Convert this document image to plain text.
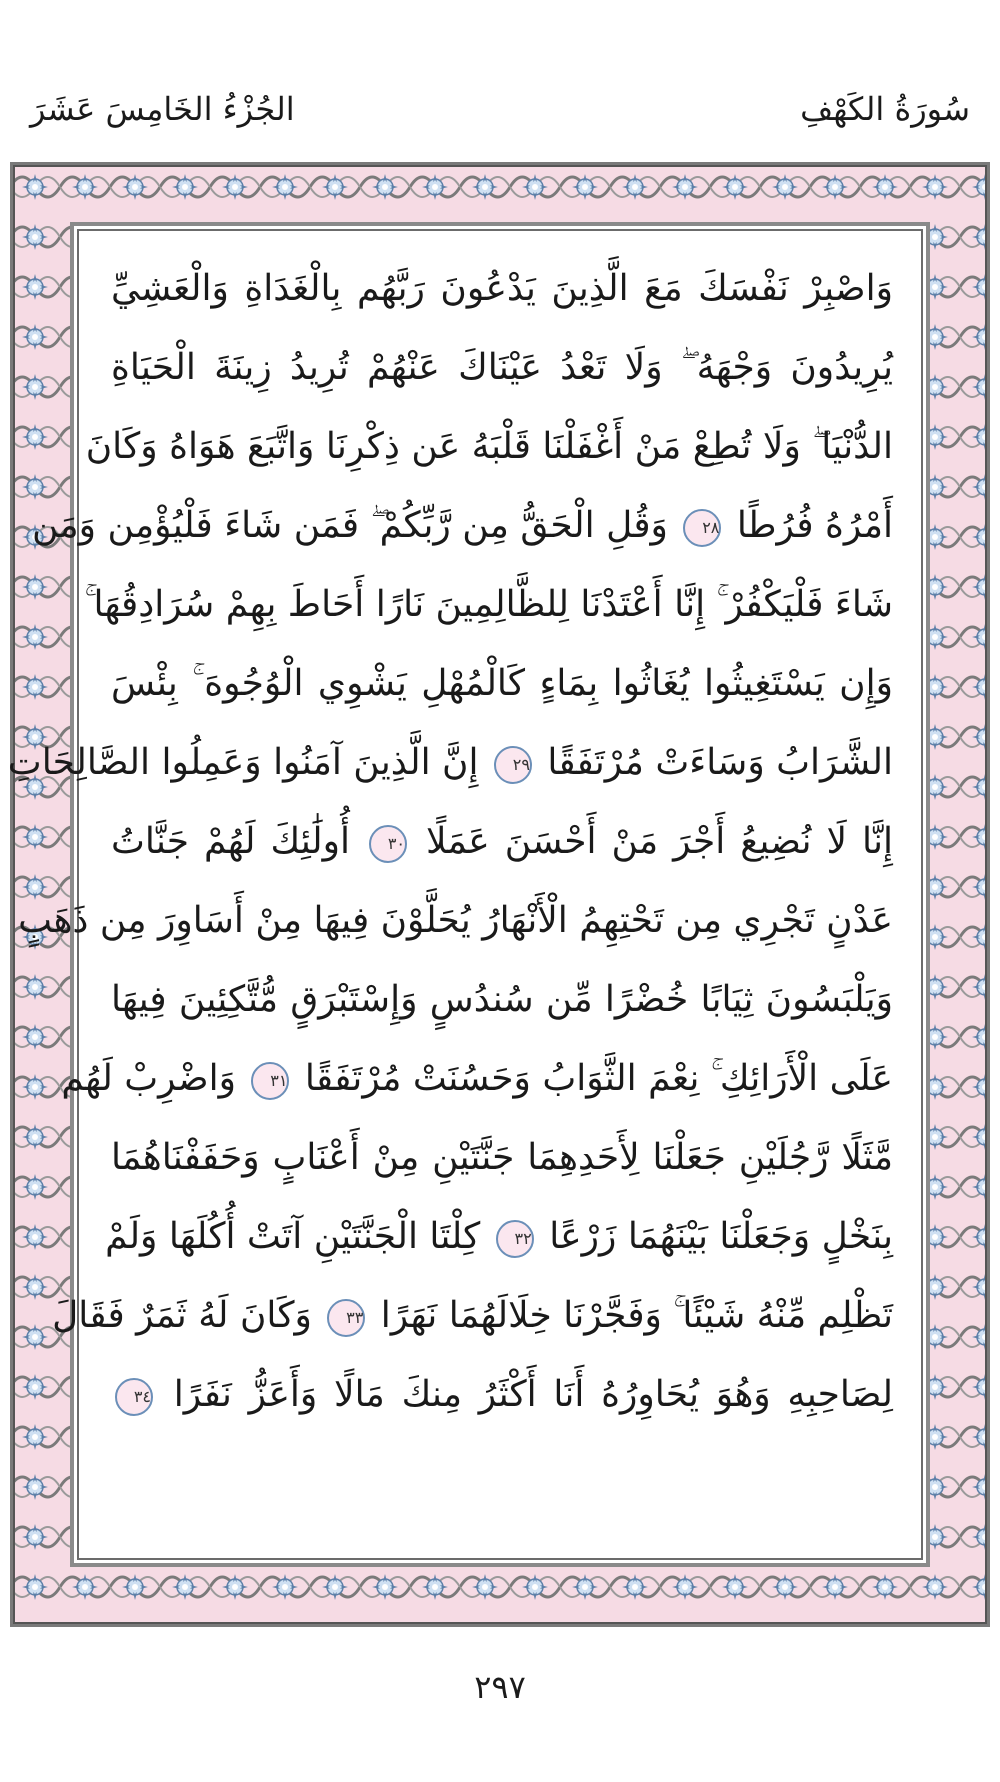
الجُزْءُ الخَامِسَ عَشَرَ	سُورَةُ الكَهْفِ
وَاصْبِرْ نَفْسَكَ مَعَ الَّذِينَ يَدْعُونَ رَبَّهُم بِالْغَدَاةِ وَالْعَشِيِّ
يُرِيدُونَ وَجْهَهُ ۖ وَلَا تَعْدُ عَيْنَاكَ عَنْهُمْ تُرِيدُ زِينَةَ الْحَيَاةِ
الدُّنْيَا ۖ وَلَا تُطِعْ مَنْ أَغْفَلْنَا قَلْبَهُ عَن ذِكْرِنَا وَاتَّبَعَ هَوَاهُ وَكَانَ
أَمْرُهُ فُرُطًا ٢٨ وَقُلِ الْحَقُّ مِن رَّبِّكُمْ ۖ فَمَن شَاءَ فَلْيُؤْمِن وَمَن
شَاءَ فَلْيَكْفُرْ ۚ إِنَّا أَعْتَدْنَا لِلظَّالِمِينَ نَارًا أَحَاطَ بِهِمْ سُرَادِقُهَا ۚ
وَإِن يَسْتَغِيثُوا يُغَاثُوا بِمَاءٍ كَالْمُهْلِ يَشْوِي الْوُجُوهَ ۚ بِئْسَ
الشَّرَابُ وَسَاءَتْ مُرْتَفَقًا ٢٩ إِنَّ الَّذِينَ آمَنُوا وَعَمِلُوا الصَّالِحَاتِ
إِنَّا لَا نُضِيعُ أَجْرَ مَنْ أَحْسَنَ عَمَلًا ٣٠ أُولَٰئِكَ لَهُمْ جَنَّاتُ
عَدْنٍ تَجْرِي مِن تَحْتِهِمُ الْأَنْهَارُ يُحَلَّوْنَ فِيهَا مِنْ أَسَاوِرَ مِن ذَهَبٍ
وَيَلْبَسُونَ ثِيَابًا خُضْرًا مِّن سُندُسٍ وَإِسْتَبْرَقٍ مُّتَّكِئِينَ فِيهَا
عَلَى الْأَرَائِكِ ۚ نِعْمَ الثَّوَابُ وَحَسُنَتْ مُرْتَفَقًا ٣١ وَاضْرِبْ لَهُم
مَّثَلًا رَّجُلَيْنِ جَعَلْنَا لِأَحَدِهِمَا جَنَّتَيْنِ مِنْ أَعْنَابٍ وَحَفَفْنَاهُمَا
بِنَخْلٍ وَجَعَلْنَا بَيْنَهُمَا زَرْعًا ٣٢ كِلْتَا الْجَنَّتَيْنِ آتَتْ أُكُلَهَا وَلَمْ
تَظْلِم مِّنْهُ شَيْئًا ۚ وَفَجَّرْنَا خِلَالَهُمَا نَهَرًا ٣٣ وَكَانَ لَهُ ثَمَرٌ فَقَالَ
لِصَاحِبِهِ وَهُوَ يُحَاوِرُهُ أَنَا أَكْثَرُ مِنكَ مَالًا وَأَعَزُّ نَفَرًا ٣٤
٢٩٧
